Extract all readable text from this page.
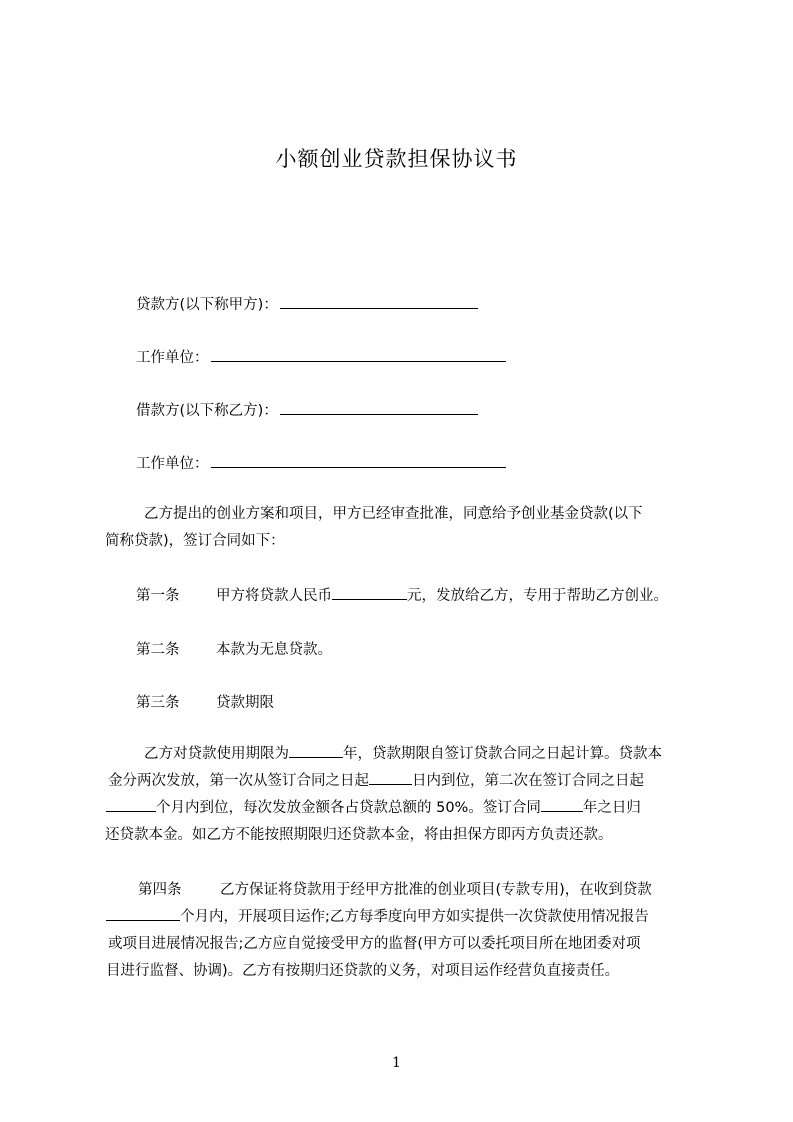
小额创业贷款担保协议书
贷款方(以下称甲方)：
工作单位：
借款方(以下称乙方)：
工作单位：
乙方提出的创业方案和项目，甲方已经审查批准，同意给予创业基金贷款(以下
简称贷款)，签订合同如下：
第一条	甲方将贷款人民币	元，发放给乙方，专用于帮助乙方创业。
第二条	本款为无息贷款。
第三条	贷款期限
乙方对贷款使用期限为	年，贷款期限自签订贷款合同之日起计算。贷款本
金分两次发放，第一次从签订合同之日起	日内到位，第二次在签订合同之日起
个月内到位，每次发放金额各占贷款总额的 50%。签订合同	年之日归
还贷款本金。如乙方不能按照期限归还贷款本金，将由担保方即丙方负责还款。
第四条	乙方保证将贷款用于经甲方批准的创业项目(专款专用)，在收到贷款
个月内，开展项目运作;乙方每季度向甲方如实提供一次贷款使用情况报告
或项目进展情况报告;乙方应自觉接受甲方的监督(甲方可以委托项目所在地团委对项
目进行监督、协调)。乙方有按期归还贷款的义务，对项目运作经营负直接责任。
1
